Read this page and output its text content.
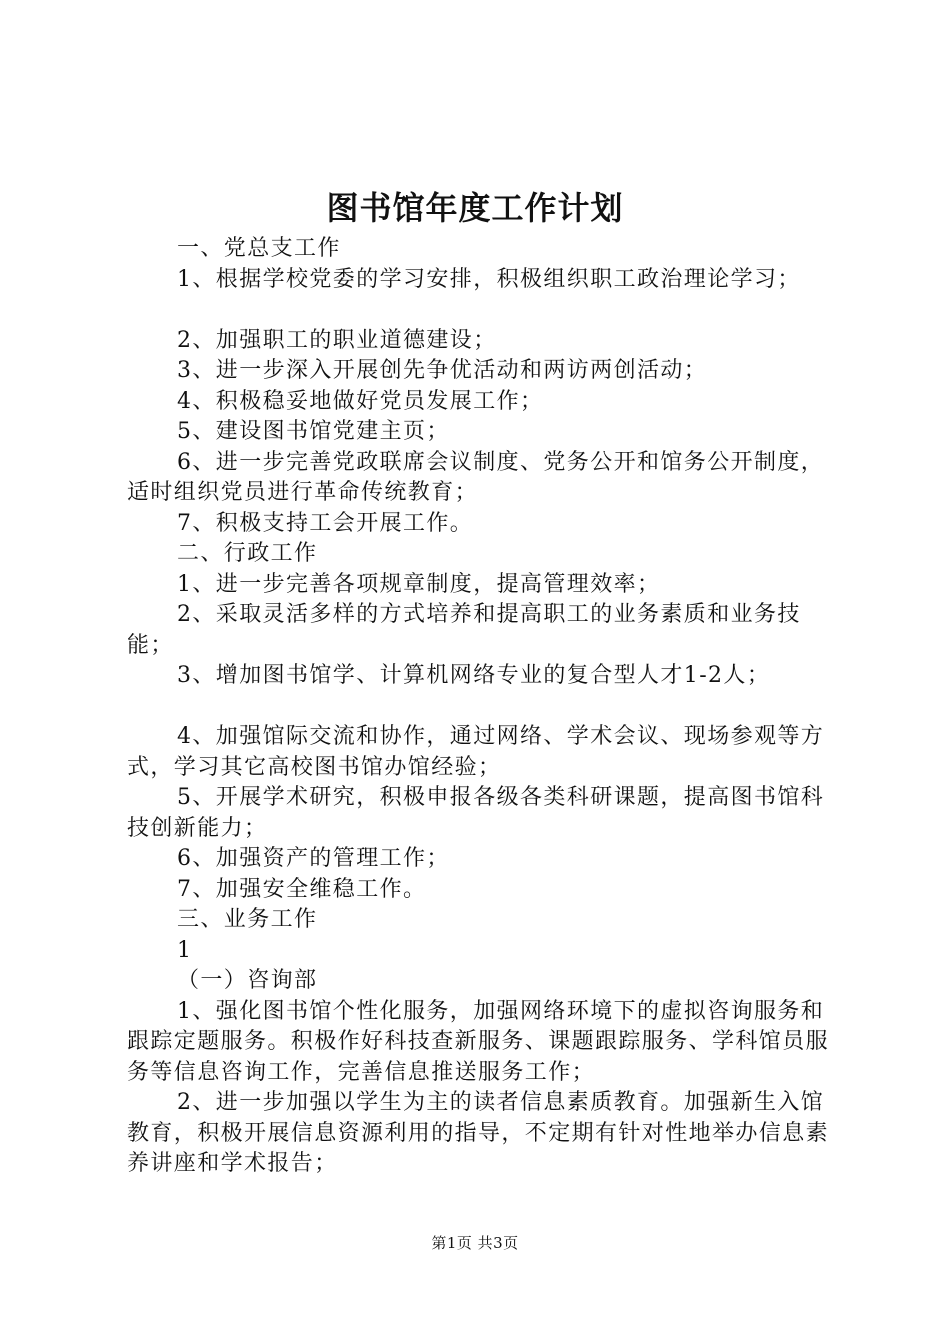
图书馆年度工作计划

一、党总支工作

1、根据学校党委的学习安排，积极组织职工政治理论学习；

2、加强职工的职业道德建设；

3、进一步深入开展创先争优活动和两访两创活动；

4、积极稳妥地做好党员发展工作；

5、建设图书馆党建主页；

6、进一步完善党政联席会议制度、党务公开和馆务公开制度，适时组织党员进行革命传统教育；

7、积极支持工会开展工作。

二、行政工作

1、进一步完善各项规章制度，提高管理效率；

2、采取灵活多样的方式培养和提高职工的业务素质和业务技能；

3、增加图书馆学、计算机网络专业的复合型人才1-2人；

4、加强馆际交流和协作，通过网络、学术会议、现场参观等方式，学习其它高校图书馆办馆经验；

5、开展学术研究，积极申报各级各类科研课题，提高图书馆科技创新能力；

6、加强资产的管理工作；

7、加强安全维稳工作。

三、业务工作

1

（一）咨询部

1、强化图书馆个性化服务，加强网络环境下的虚拟咨询服务和跟踪定题服务。积极作好科技查新服务、课题跟踪服务、学科馆员服务等信息咨询工作，完善信息推送服务工作；

2、进一步加强以学生为主的读者信息素质教育。加强新生入馆教育，积极开展信息资源利用的指导，不定期有针对性地举办信息素养讲座和学术报告；

第1页 共3页
